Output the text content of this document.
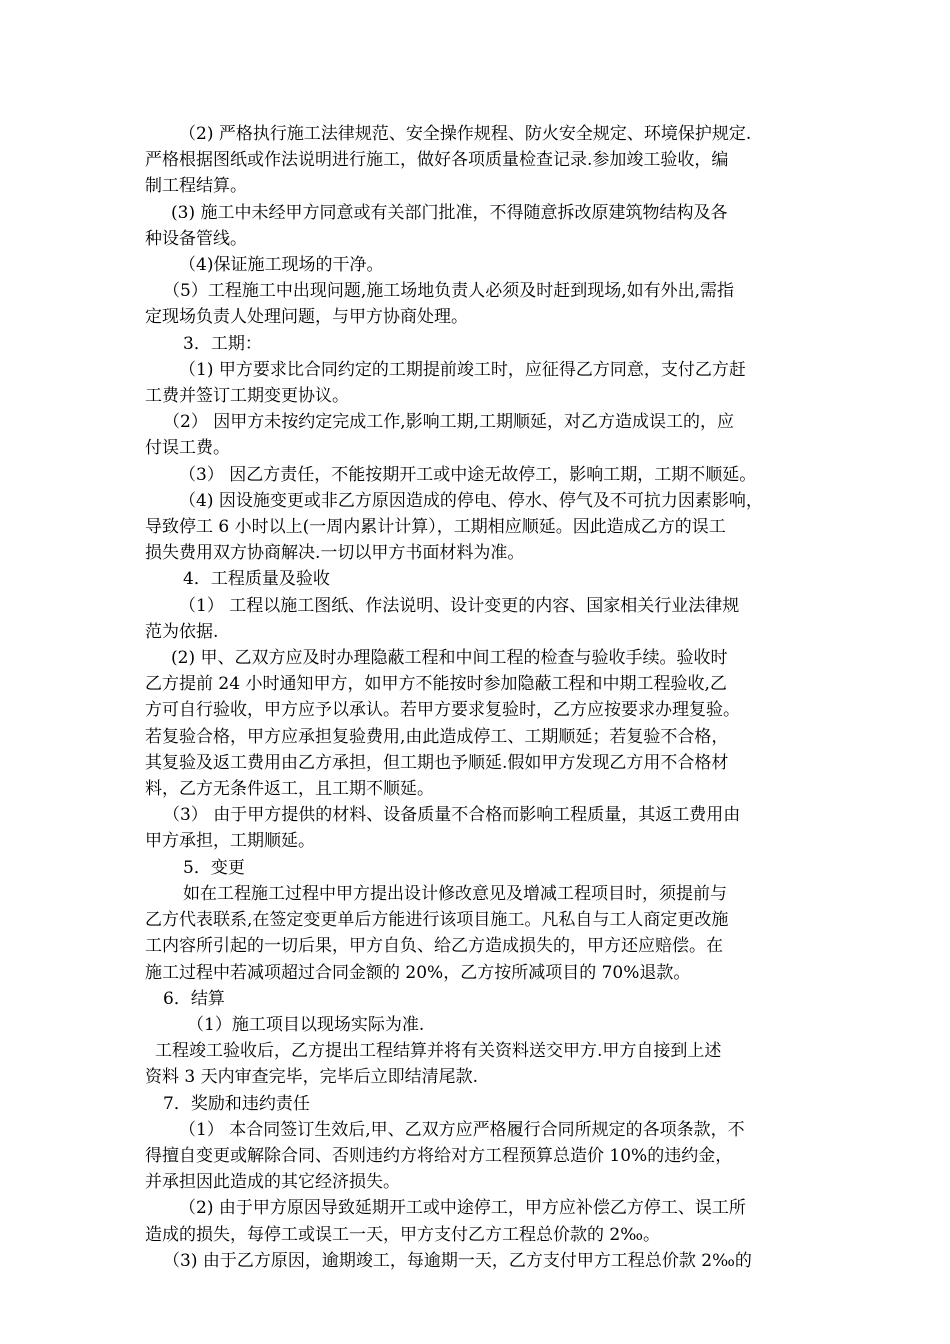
（2) 严格执行施工法律规范、安全操作规程、防火安全规定、环境保护规定.
严格根据图纸或作法说明进行施工，做好各项质量检查记录.参加竣工验收，编
制工程结算。
(3) 施工中未经甲方同意或有关部门批准，不得随意拆改原建筑物结构及各
种设备管线。
（4)保证施工现场的干净。
（5）工程施工中出现问题,施工场地负责人必须及时赶到现场,如有外出,需指
定现场负责人处理问题，与甲方协商处理。
3．工期：
（1) 甲方要求比合同约定的工期提前竣工时，应征得乙方同意，支付乙方赶
工费并签订工期变更协议。
（2） 因甲方未按约定完成工作,影响工期,工期顺延，对乙方造成误工的，应
付误工费。
（3） 因乙方责任，不能按期开工或中途无故停工，影响工期，工期不顺延。
（4) 因设施变更或非乙方原因造成的停电、停水、停气及不可抗力因素影响，
导致停工 6 小时以上(一周内累计计算），工期相应顺延。因此造成乙方的误工
损失费用双方协商解决.一切以甲方书面材料为准。
4．工程质量及验收
（1） 工程以施工图纸、作法说明、设计变更的内容、国家相关行业法律规
范为依据.
(2) 甲、乙双方应及时办理隐蔽工程和中间工程的检查与验收手续。验收时
乙方提前 24 小时通知甲方，如甲方不能按时参加隐蔽工程和中期工程验收,乙
方可自行验收，甲方应予以承认。若甲方要求复验时，乙方应按要求办理复验。
若复验合格，甲方应承担复验费用,由此造成停工、工期顺延；若复验不合格，
其复验及返工费用由乙方承担，但工期也予顺延.假如甲方发现乙方用不合格材
料，乙方无条件返工，且工期不顺延。
（3） 由于甲方提供的材料、设备质量不合格而影响工程质量，其返工费用由
甲方承担，工期顺延。
5．变更
如在工程施工过程中甲方提出设计修改意见及增减工程项目时，须提前与
乙方代表联系,在签定变更单后方能进行该项目施工。凡私自与工人商定更改施
工内容所引起的一切后果，甲方自负、给乙方造成损失的，甲方还应赔偿。在
施工过程中若减项超过合同金额的 20%，乙方按所减项目的 70%退款。
6．结算
（1）施工项目以现场实际为准.
工程竣工验收后，乙方提出工程结算并将有关资料送交甲方.甲方自接到上述
资料 3 天内审查完毕，完毕后立即结清尾款.
7．奖励和违约责任
（1） 本合同签订生效后,甲、乙双方应严格履行合同所规定的各项条款，不
得擅自变更或解除合同、否则违约方将给对方工程预算总造价 10%的违约金，
并承担因此造成的其它经济损失。
（2) 由于甲方原因导致延期开工或中途停工，甲方应补偿乙方停工、误工所
造成的损失，每停工或误工一天，甲方支付乙方工程总价款的 2‰。
（3) 由于乙方原因，逾期竣工，每逾期一天，乙方支付甲方工程总价款 2‰的
